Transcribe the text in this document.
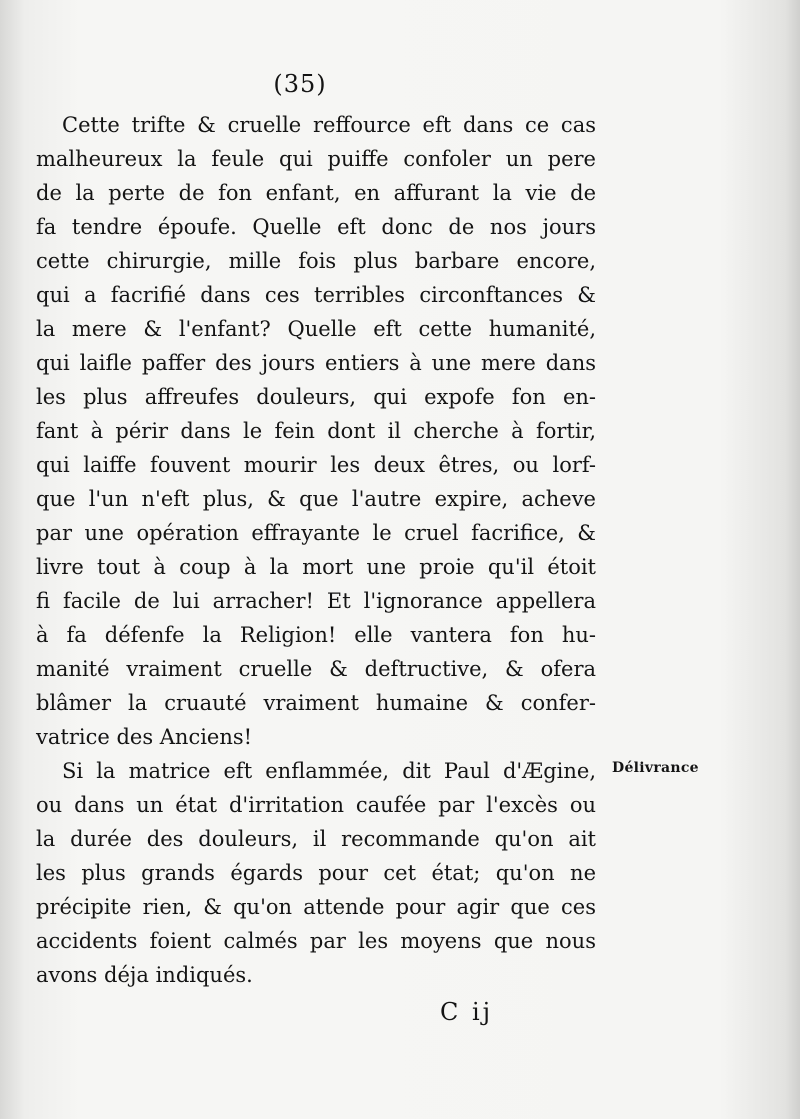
(35)
Cette trifte & cruelle reffource eft dans ce cas
malheureux la feule qui puiffe confoler un pere
de la perte de fon enfant, en affurant la vie de
fa tendre époufe. Quelle eft donc de nos jours
cette chirurgie, mille fois plus barbare encore,
qui a facrifié dans ces terribles circonftances &
la mere & l'enfant? Quelle eft cette humanité,
qui laifle paffer des jours entiers à une mere dans
les plus affreufes douleurs, qui expofe fon en-
fant à périr dans le fein dont il cherche à fortir,
qui laiffe fouvent mourir les deux êtres, ou lorf-
que l'un n'eft plus, & que l'autre expire, acheve
par une opération effrayante le cruel facrifice, &
livre tout à coup à la mort une proie qu'il étoit
fi facile de lui arracher! Et l'ignorance appellera
à fa défenfe la Religion! elle vantera fon hu-
manité vraiment cruelle & deftructive, & ofera
blâmer la cruauté vraiment humaine & confer-
vatrice des Anciens!
Si la matrice eft enflammée, dit Paul d'Ægine,
ou dans un état d'irritation caufée par l'excès ou
la durée des douleurs, il recommande qu'on ait
les plus grands égards pour cet état; qu'on ne
précipite rien, & qu'on attende pour agir que ces
accidents foient calmés par les moyens que nous
avons déja indiqués.
Délivrance
C ij
